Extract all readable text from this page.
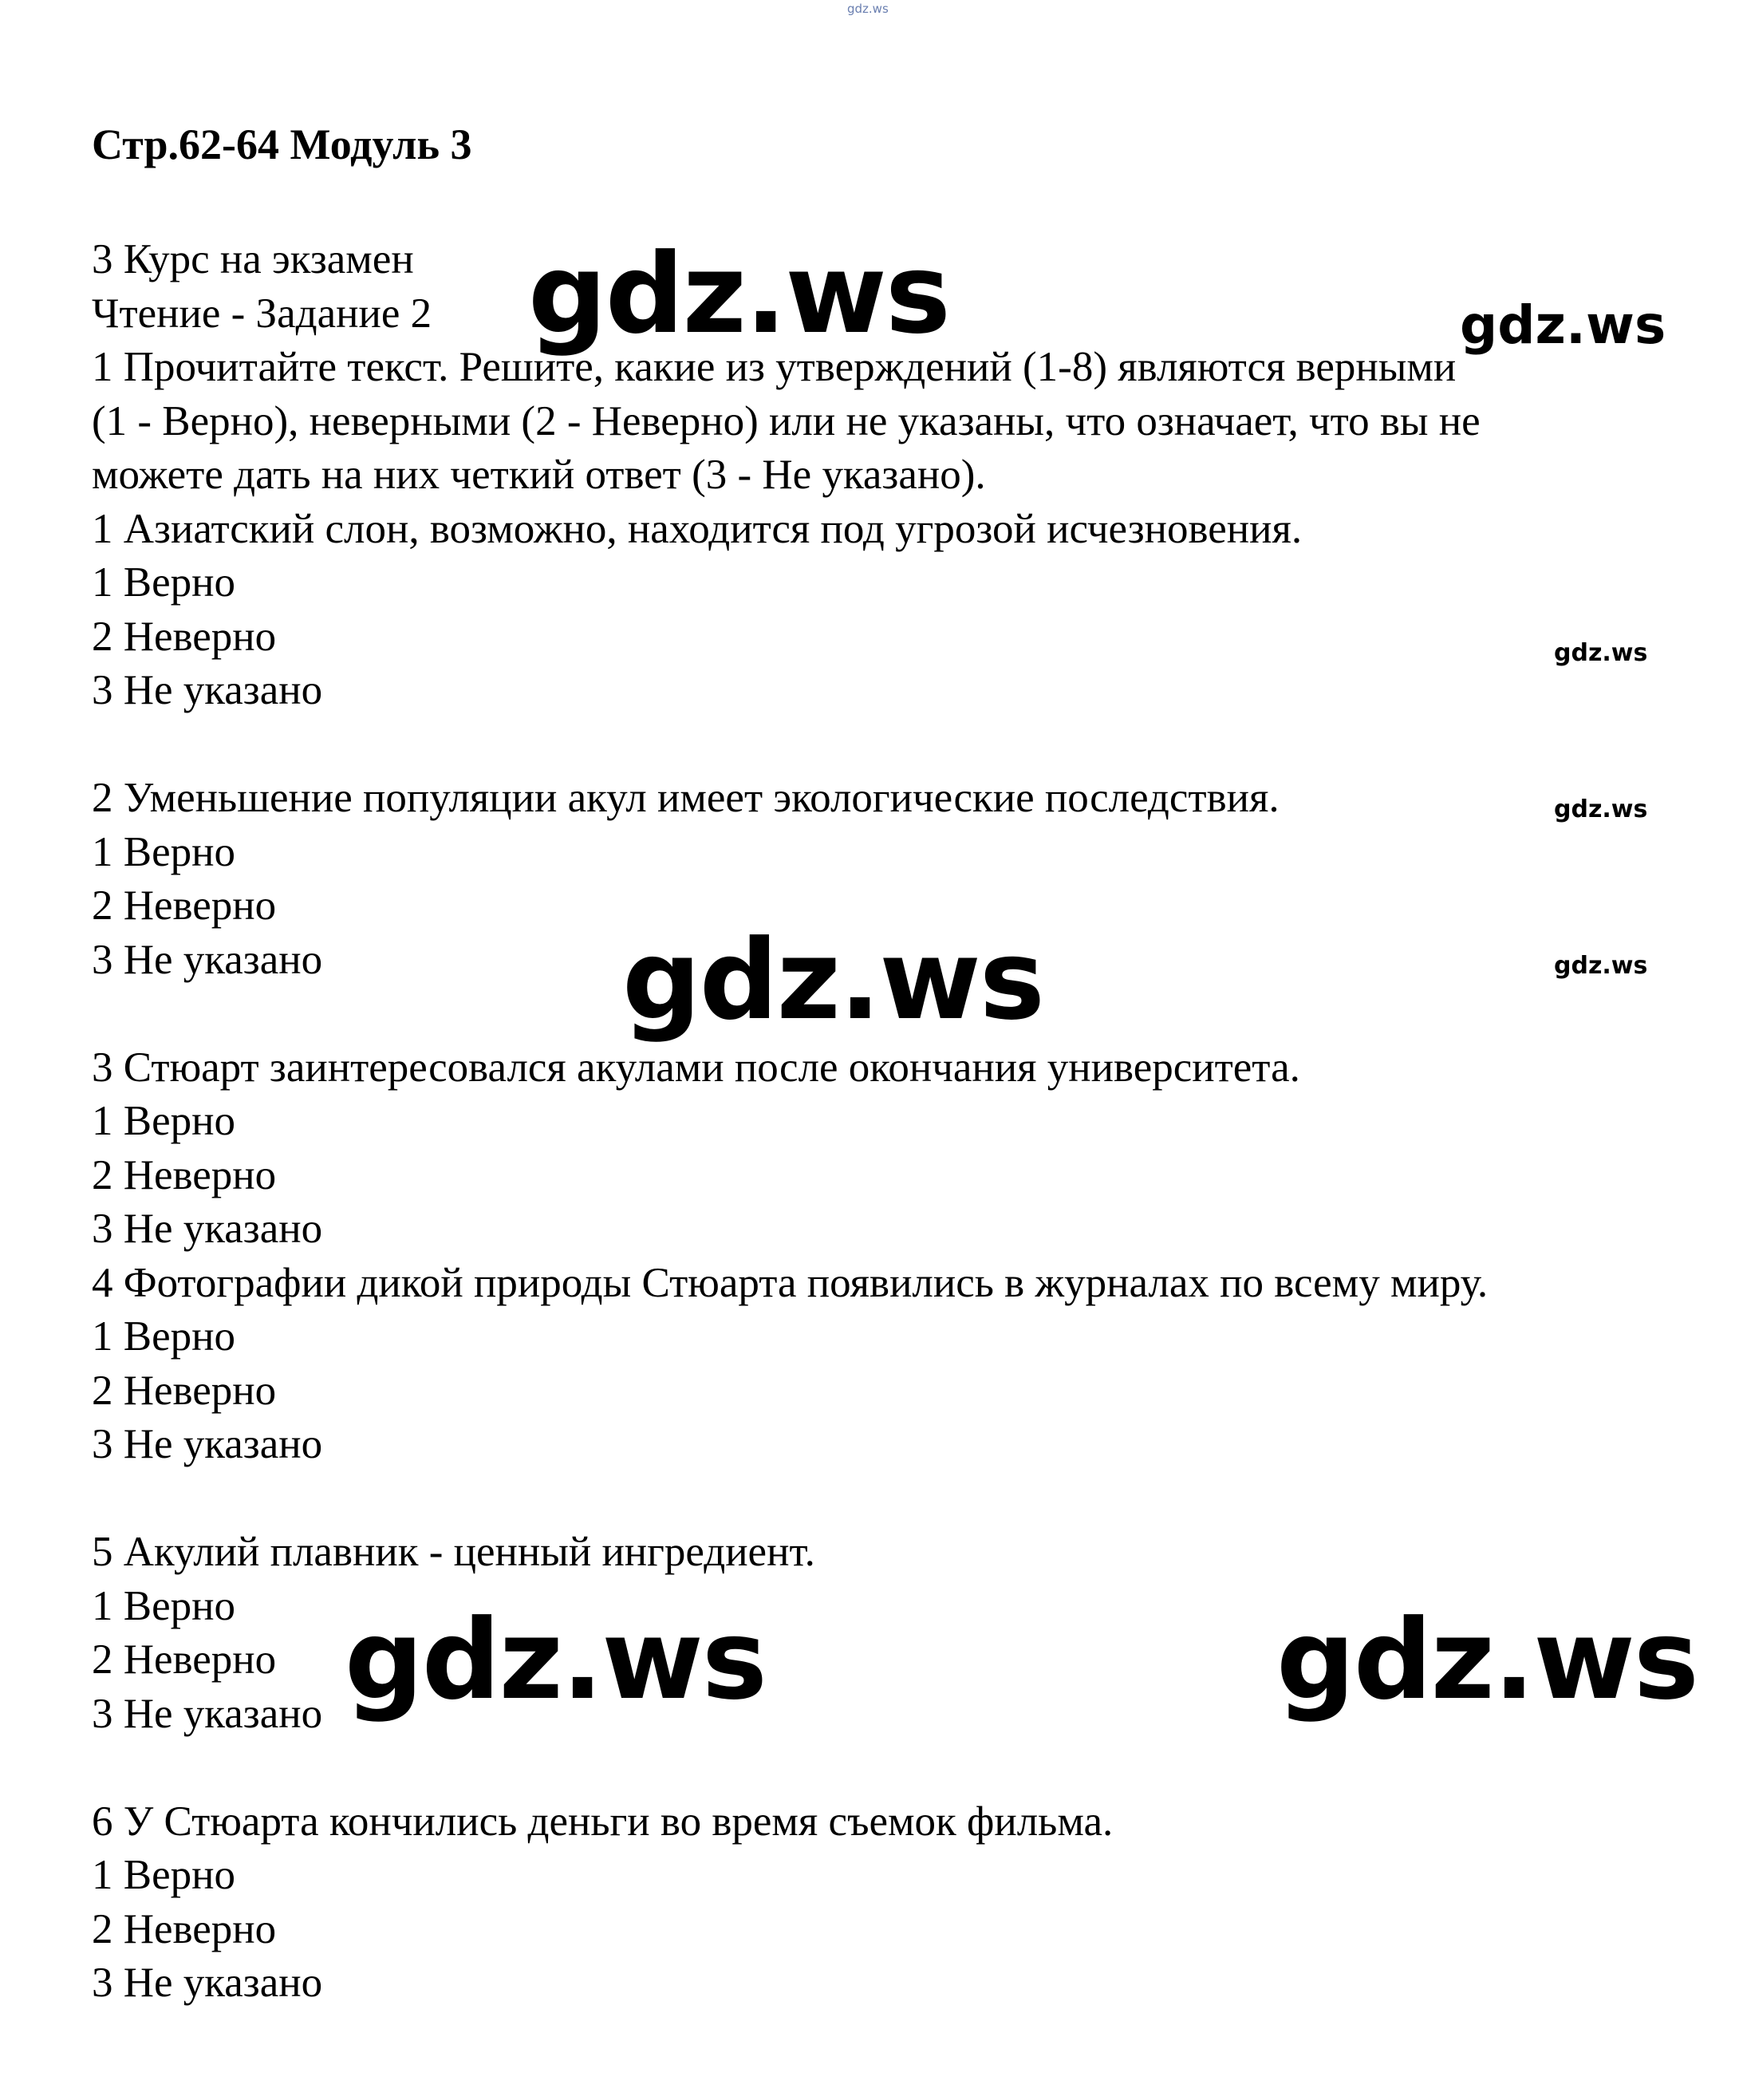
gdz.ws
Стр.62-64 Модуль 3
3 Курс на экзамен
Чтение - Задание 2
1 Прочитайте текст. Решите, какие из утверждений (1-8) являются верными
(1 - Верно), неверными (2 - Неверно) или не указаны, что означает, что вы не
можете дать на них четкий ответ (3 - Не указано).
1 Азиатский слон, возможно, находится под угрозой исчезновения.
1 Верно
2 Неверно
3 Не указано
2 Уменьшение популяции акул имеет экологические последствия.
1 Верно
2 Неверно
3 Не указано
3 Стюарт заинтересовался акулами после окончания университета.
1 Верно
2 Неверно
3 Не указано
4 Фотографии дикой природы Стюарта появились в журналах по всему миру.
1 Верно
2 Неверно
3 Не указано
5 Акулий плавник - ценный ингредиент.
1 Верно
2 Неверно
3 Не указано
6 У Стюарта кончились деньги во время съемок фильма.
1 Верно
2 Неверно
3 Не указано
gdz.ws	gdz.ws
gdz.ws
gdz.ws
gdz.ws
gdz.ws
gdz.ws	gdz.ws
